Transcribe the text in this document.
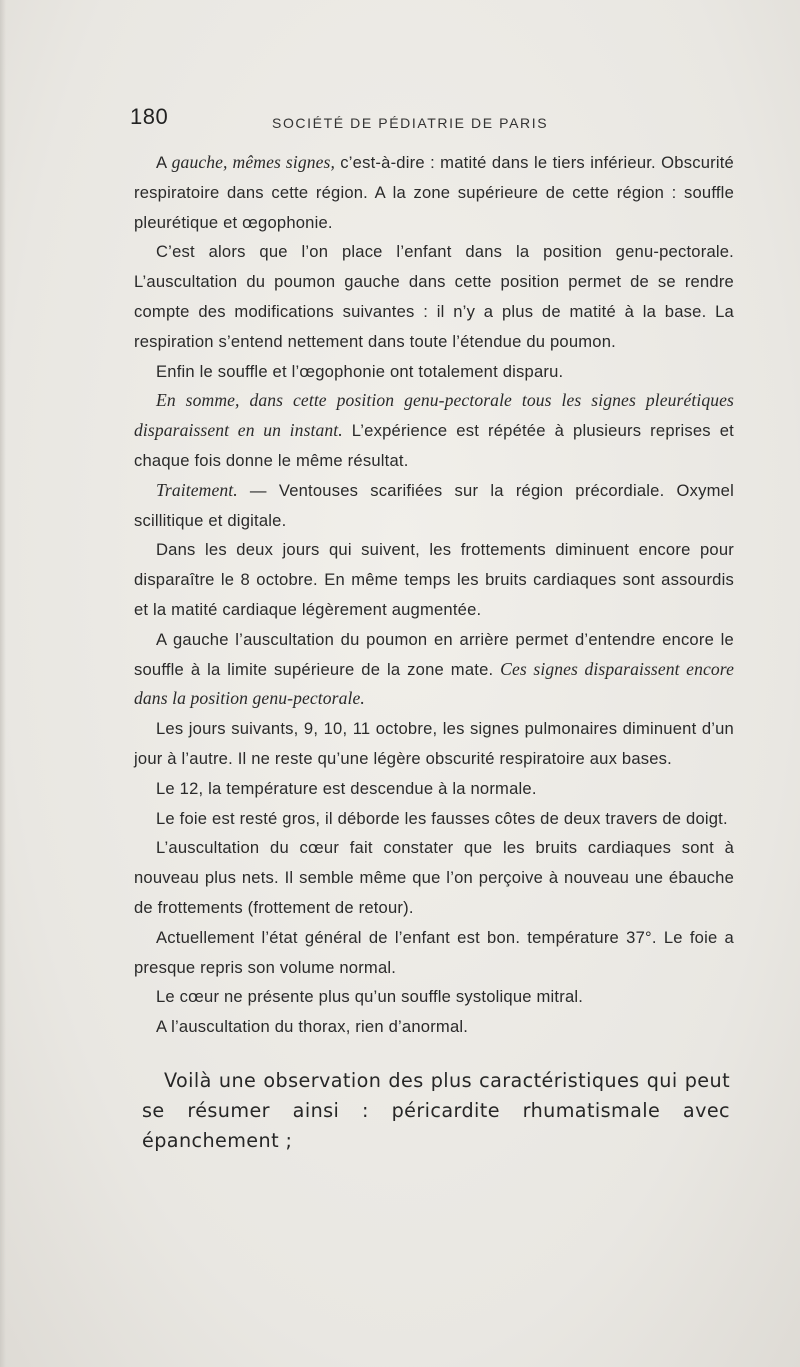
180	SOCIÉTÉ DE PÉDIATRIE DE PARIS

A gauche, mêmes signes, c’est-à-dire : matité dans le tiers inférieur. Obscurité respiratoire dans cette région. A la zone supérieure de cette région : souffle pleurétique et œgophonie.

C’est alors que l’on place l’enfant dans la position genu-pectorale. L’auscultation du poumon gauche dans cette position permet de se rendre compte des modifications suivantes : il n’y a plus de matité à la base. La respiration s’entend nettement dans toute l’étendue du poumon.

Enfin le souffle et l’œgophonie ont totalement disparu.

En somme, dans cette position genu-pectorale tous les signes pleurétiques disparaissent en un instant. L’expérience est répétée à plusieurs reprises et chaque fois donne le même résultat.

Traitement. — Ventouses scarifiées sur la région précordiale. Oxymel scillitique et digitale.

Dans les deux jours qui suivent, les frottements diminuent encore pour disparaître le 8 octobre. En même temps les bruits cardiaques sont assourdis et la matité cardiaque légèrement augmentée.

A gauche l’auscultation du poumon en arrière permet d’entendre encore le souffle à la limite supérieure de la zone mate. Ces signes disparaissent encore dans la position genu-pectorale.

Les jours suivants, 9, 10, 11 octobre, les signes pulmonaires diminuent d’un jour à l’autre. Il ne reste qu’une légère obscurité respiratoire aux bases.

Le 12, la température est descendue à la normale.

Le foie est resté gros, il déborde les fausses côtes de deux travers de doigt.

L’auscultation du cœur fait constater que les bruits cardiaques sont à nouveau plus nets. Il semble même que l’on perçoive à nouveau une ébauche de frottements (frottement de retour).

Actuellement l’état général de l’enfant est bon. température 37°. Le foie a presque repris son volume normal.

Le cœur ne présente plus qu’un souffle systolique mitral.

A l’auscultation du thorax, rien d’anormal.

Voilà une observation des plus caractéristiques qui peut se résumer ainsi : péricardite rhumatismale avec épanchement ;
